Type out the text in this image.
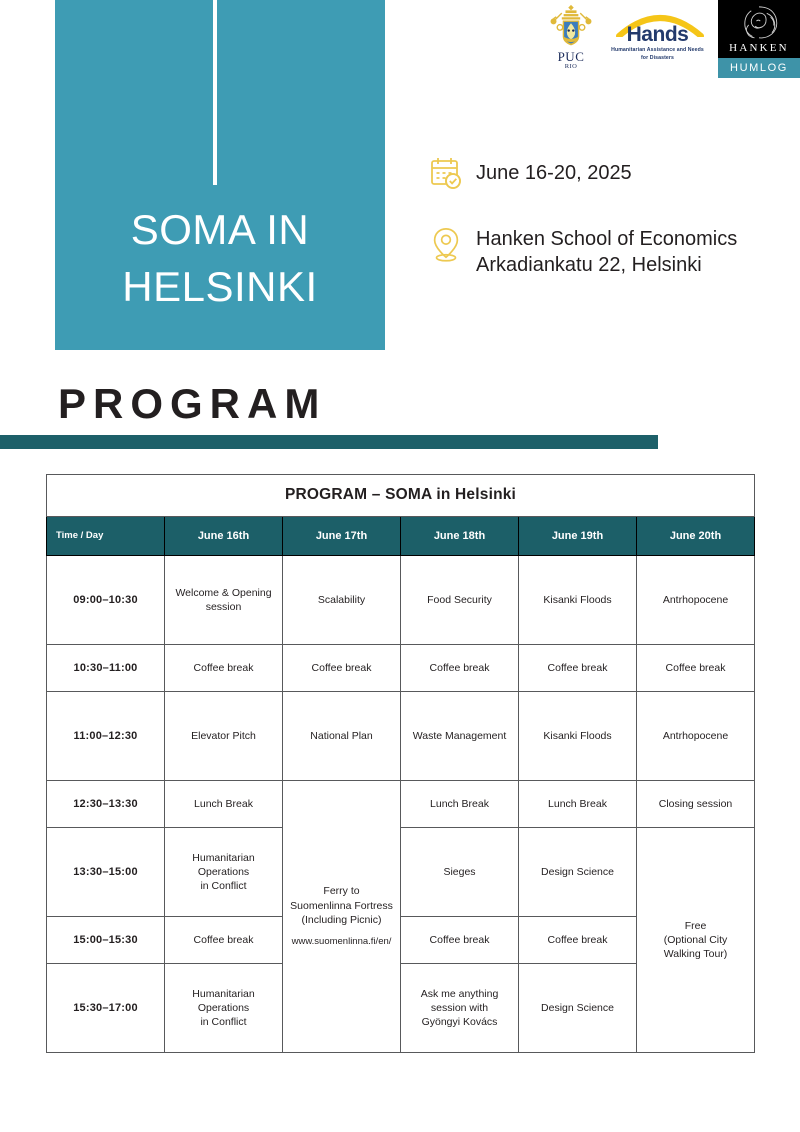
PUC
RIO
Hands
Humanitarian Assistance and Needs for Disasters
HANKEN
HUMLOG
SOMA IN
HELSINKI
June 16-20, 2025
Hanken School of Economics
Arkadiankatu 22, Helsinki
PROGRAM
PROGRAM – SOMA in Helsinki					
Time / Day	June 16th	June 17th	June 18th	June 19th	June 20th
09:00–10:30	Welcome & Opening
session	Scalability	Food Security	Kisanki Floods	Antrhopocene

10:30–11:00	Coffee break	Coffee break	Coffee break	Coffee break	Coffee break

11:00–12:30	Elevator Pitch	National Plan	Waste Management	Kisanki Floods	Antrhopocene

12:30–13:30	Lunch Break	Ferry to
Suomenlinna Fortress
(Including Picnic)
www.suomenlinna.fi/en/	Lunch Break	Lunch Break	Closing session

13:30–15:00	Humanitarian
Operations
in Conflict		Sieges	Design Science	Free
(Optional City
Walking Tour)

15:00–15:30	Coffee break		Coffee break	Coffee break	

15:30–17:00	Humanitarian
Operations
in Conflict		Ask me anything
session with
Gyöngyi Kovács	Design Science	
